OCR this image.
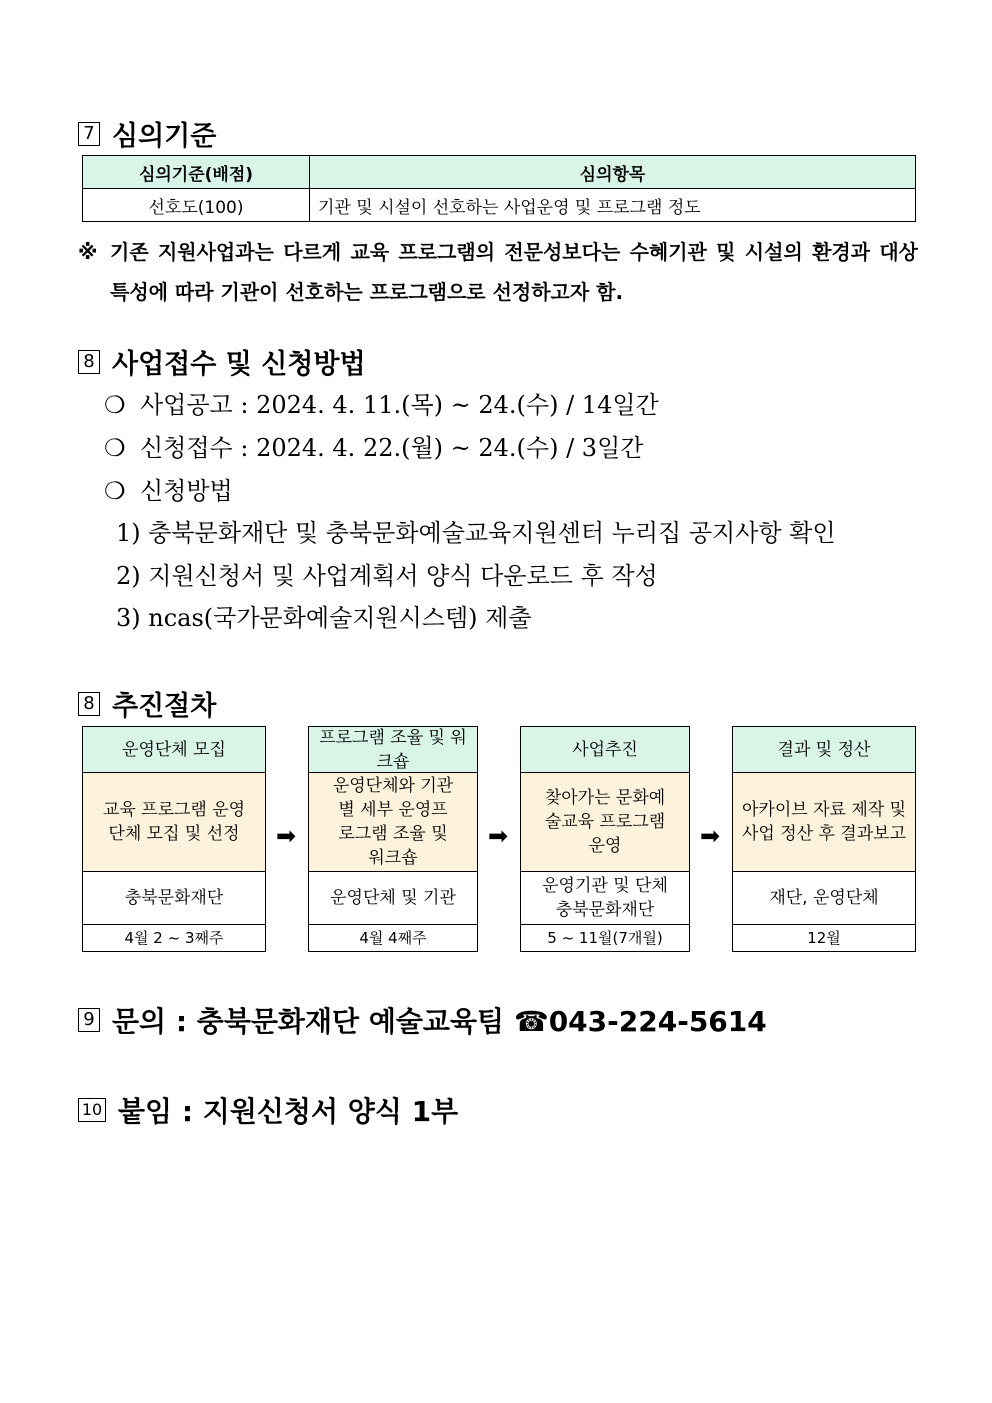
7 심의기준
심의기준(배점)	심의항목
선호도(100)	기관 및 시설이 선호하는 사업운영 및 프로그램 정도
※ 기존 지원사업과는 다르게 교육 프로그램의 전문성보다는 수혜기관 및 시설의 환경과 대상 특성에 따라 기관이 선호하는 프로그램으로 선정하고자 함.
8 사업접수 및 신청방법
❍ 사업공고 : 2024. 4. 11.(목) ~ 24.(수) / 14일간
❍ 신청접수 : 2024. 4. 22.(월) ~ 24.(수) / 3일간
❍ 신청방법
1) 충북문화재단 및 충북문화예술교육지원센터 누리집 공지사항 확인
2) 지원신청서 및 사업계획서 양식 다운로드 후 작성
3) ncas(국가문화예술지원시스템) 제출
8 추진절차
운영단체 모집
교육 프로그램 운영단체 모집 및 선정
충북문화재단
4월 2 ~ 3째주
➡
프로그램 조율 및 워크숍
운영단체와 기관별 세부 운영프로그램 조율 및 워크숍
운영단체 및 기관
4월 4째주
➡
사업추진
찾아가는 문화예술교육 프로그램 운영
운영기관 및 단체 충북문화재단
5 ~ 11월(7개월)
➡
결과 및 정산
아카이브 자료 제작 및 사업 정산 후 결과보고
재단, 운영단체
12월
9 문의 : 충북문화재단 예술교육팀 ☎043-224-5614
10 붙임 : 지원신청서 양식 1부
